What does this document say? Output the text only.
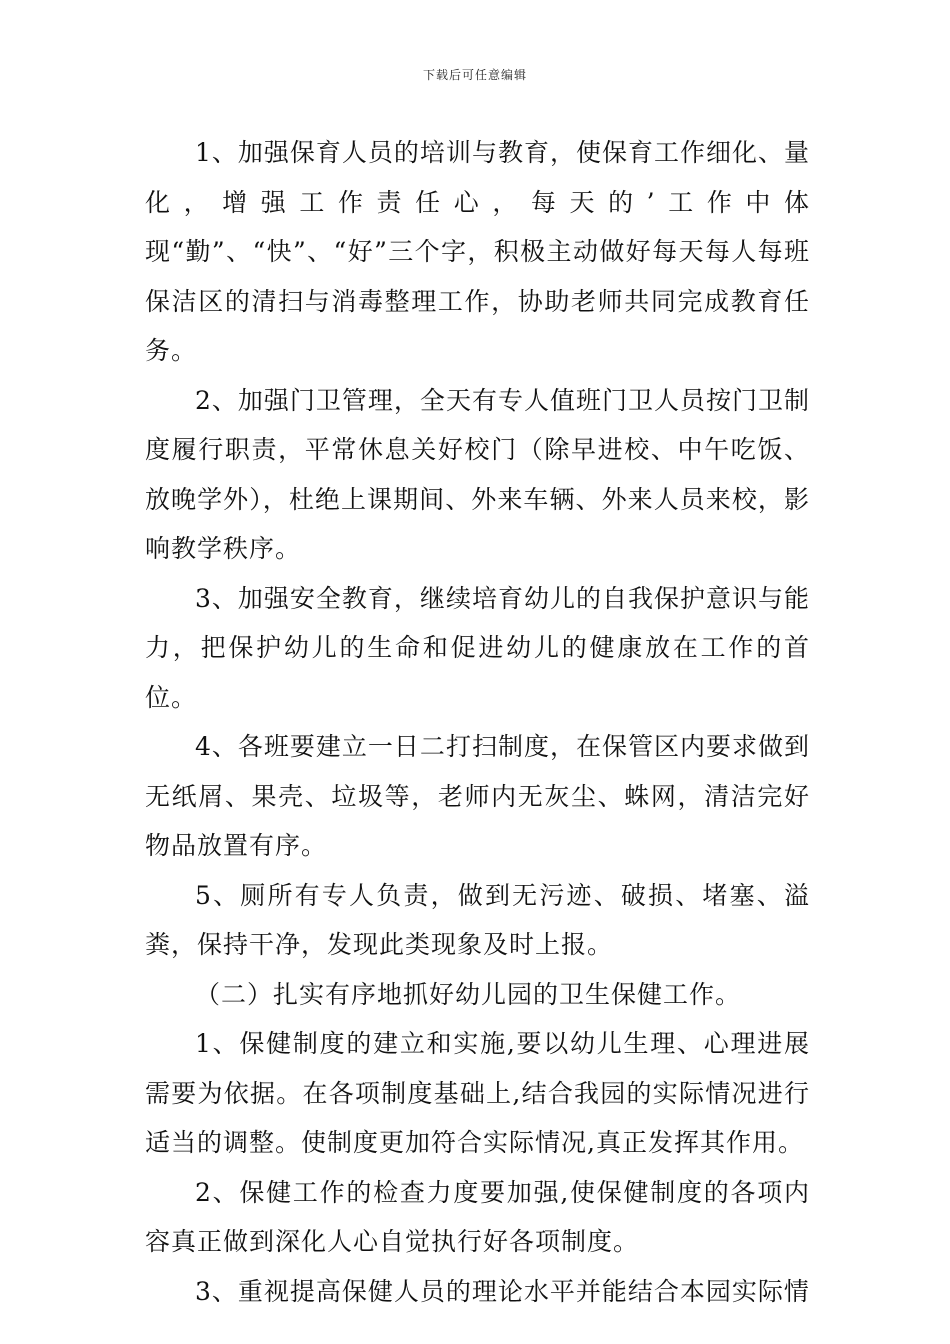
下载后可任意编辑

1、加强保育人员的培训与教育，使保育工作细化、量化，增强工作责任心，每天的’工作中体现“勤”、“快”、“好”三个字，积极主动做好每天每人每班保洁区的清扫与消毒整理工作，协助老师共同完成教育任务。

2、加强门卫管理，全天有专人值班门卫人员按门卫制度履行职责，平常休息关好校门（除早进校、中午吃饭、放晚学外），杜绝上课期间、外来车辆、外来人员来校，影响教学秩序。

3、加强安全教育，继续培育幼儿的自我保护意识与能力，把保护幼儿的生命和促进幼儿的健康放在工作的首位。

4、各班要建立一日二打扫制度，在保管区内要求做到无纸屑、果壳、垃圾等，老师内无灰尘、蛛网，清洁完好物品放置有序。

5、厕所有专人负责，做到无污迹、破损、堵塞、溢粪，保持干净，发现此类现象及时上报。

（二）扎实有序地抓好幼儿园的卫生保健工作。

1、保健制度的建立和实施,要以幼儿生理、心理进展需要为依据。在各项制度基础上,结合我园的实际情况进行适当的调整。使制度更加符合实际情况,真正发挥其作用。

2、保健工作的检查力度要加强,使保健制度的各项内容真正做到深化人心自觉执行好各项制度。

3、重视提高保健人员的理论水平并能结合本园实际情
